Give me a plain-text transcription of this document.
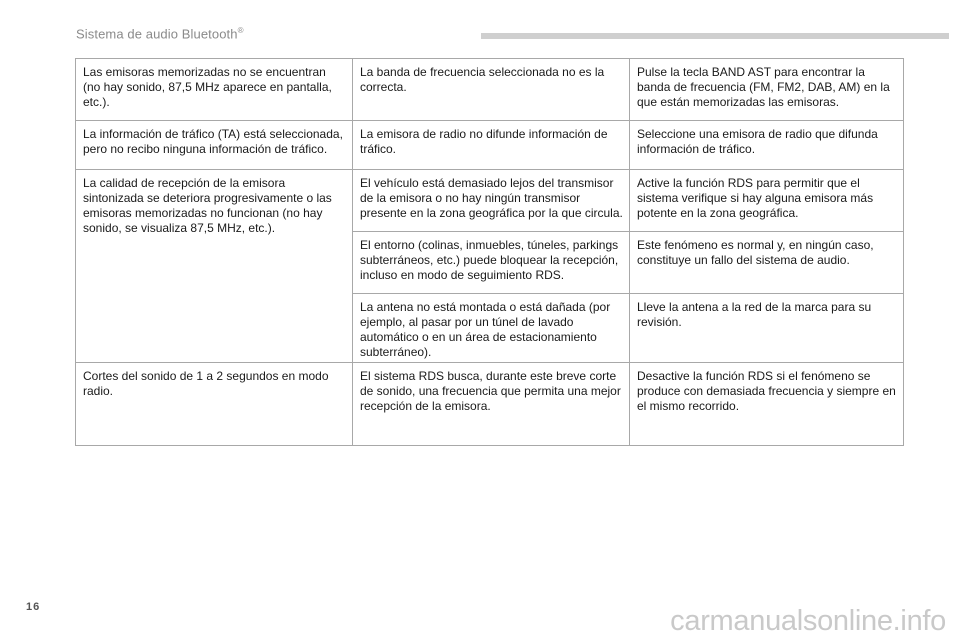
Sistema de audio Bluetooth®
Las emisoras memorizadas no se encuentran (no hay sonido, 87,5 MHz aparece en pantalla, etc.).	La banda de frecuencia seleccionada no es la correcta.	Pulse la tecla BAND AST para encontrar la banda de frecuencia (FM, FM2, DAB, AM) en la que están memorizadas las emisoras.
La información de tráfico (TA) está seleccionada, pero no recibo ninguna información de tráfico.	La emisora de radio no difunde información de tráfico.	Seleccione una emisora de radio que difunda información de tráfico.
La calidad de recepción de la emisora sintonizada se deteriora progresivamente o las emisoras memorizadas no funcionan (no hay sonido, se visualiza 87,5 MHz, etc.).	El vehículo está demasiado lejos del transmisor de la emisora o no hay ningún transmisor presente en la zona geográfica por la que circula.	Active la función RDS para permitir que el sistema verifique si hay alguna emisora más potente en la zona geográfica.
	El entorno (colinas, inmuebles, túneles, parkings subterráneos, etc.) puede bloquear la recepción, incluso en modo de seguimiento RDS.	Este fenómeno es normal y, en ningún caso, constituye un fallo del sistema de audio.
	La antena no está montada o está dañada (por ejemplo, al pasar por un túnel de lavado automático o en un área de estacionamiento subterráneo).	Lleve la antena a la red de la marca para su revisión.
Cortes del sonido de 1 a 2 segundos en modo radio.	El sistema RDS busca, durante este breve corte de sonido, una frecuencia que permita una mejor recepción de la emisora.	Desactive la función RDS si el fenómeno se produce con demasiada frecuencia y siempre en el mismo recorrido.
16	carmanualsonline.info
